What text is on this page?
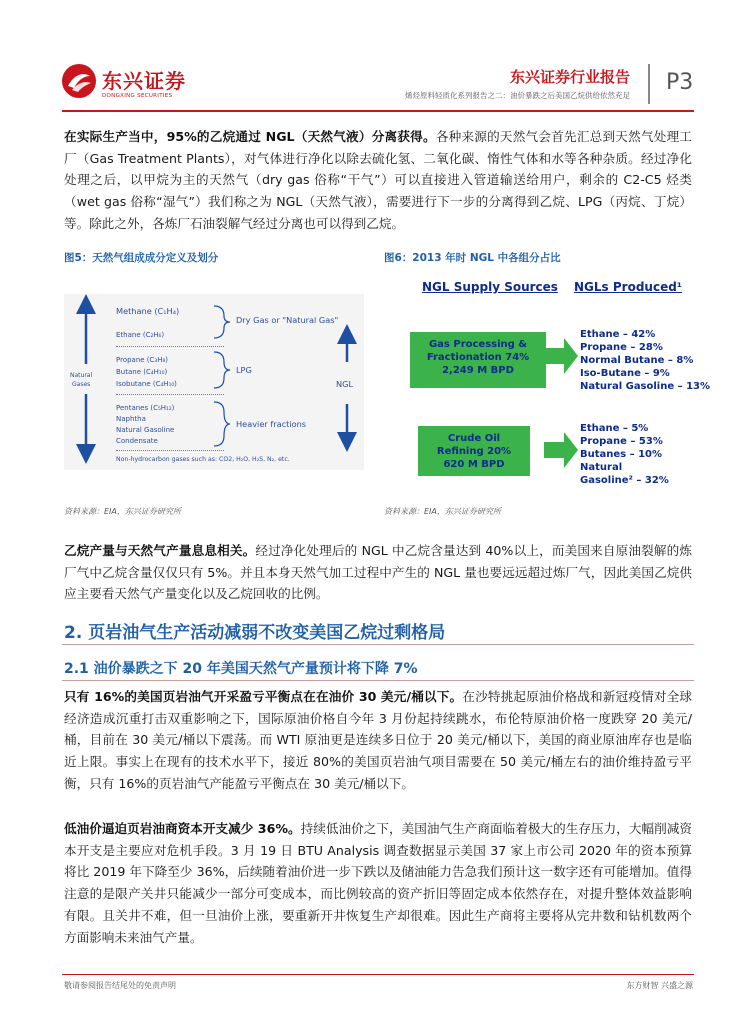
东兴证券
DONGXING SECURITIES
东兴证券行业报告
烯烃原料轻质化系列报告之二：油价暴跌之后美国乙烷供给依然充足
P3

在实际生产当中，95%的乙烷通过 NGL（天然气液）分离获得。各种来源的天然气会首先汇总到天然气处理工厂（Gas Treatment Plants），对气体进行净化以除去硫化氢、二氧化碳、惰性气体和水等各种杂质。经过净化处理之后，以甲烷为主的天然气（dry gas 俗称“干气”）可以直接进入管道输送给用户，剩余的 C2-C5 烃类（wet gas 俗称“湿气”）我们称之为 NGL（天然气液），需要进行下一步的分离得到乙烷、LPG（丙烷、丁烷）等。除此之外，各炼厂石油裂解气经过分离也可以得到乙烷。

图5：天然气组成成分定义及划分	图6：2013 年时 NGL 中各组分占比
Methane (C₁H₄)
Ethane (C₂H₆)
Propane (C₃H₈)
Butane (C₄H₁₀)
Isobutane (C₄H₁₀)
Pentanes (C₅H₁₂)
Naphtha
Natural Gasoline
Condensate
Non-hydrocarbon gases such as: CO2, H₂O, H₂S, N₂, etc.
Natural
Gases
Dry Gas or "Natural Gas"
LPG
Heavier fractions
NGL
资料来源：EIA，东兴证券研究所
NGL Supply Sources NGLs Produced¹
Gas Processing &
Fractionation 74%
2,249 M BPD
Ethane – 42%
Propane – 28%
Normal Butane – 8%
Iso-Butane – 9%
Natural Gasoline – 13%
Crude Oil
Refining 20%
620 M BPD
Ethane – 5%
Propane – 53%
Butanes – 10%
Natural
Gasoline² – 32%
资料来源：EIA，东兴证券研究所

乙烷产量与天然气产量息息相关。经过净化处理后的 NGL 中乙烷含量达到 40%以上，而美国来自原油裂解的炼厂气中乙烷含量仅仅只有 5%。并且本身天然气加工过程中产生的 NGL 量也要远远超过炼厂气，因此美国乙烷供应主要看天然气产量变化以及乙烷回收的比例。

2. 页岩油气生产活动减弱不改变美国乙烷过剩格局
2.1 油价暴跌之下 20 年美国天然气产量预计将下降 7%

只有 16%的美国页岩油气开采盈亏平衡点在在油价 30 美元/桶以下。在沙特挑起原油价格战和新冠疫情对全球经济造成沉重打击双重影响之下，国际原油价格自今年 3 月份起持续跳水，布伦特原油价格一度跌穿 20 美元/桶，目前在 30 美元/桶以下震荡。而 WTI 原油更是连续多日位于 20 美元/桶以下，美国的商业原油库存也是临近上限。事实上在现有的技术水平下，接近 80%的美国页岩油气项目需要在 50 美元/桶左右的油价维持盈亏平衡，只有 16%的页岩油气产能盈亏平衡点在 30 美元/桶以下。

低油价逼迫页岩油商资本开支减少 36%。持续低油价之下，美国油气生产商面临着极大的生存压力，大幅削减资本开支是主要应对危机手段。3 月 19 日 BTU Analysis 调查数据显示美国 37 家上市公司 2020 年的资本预算将比 2019 年下降至少 36%，后续随着油价进一步下跌以及储油能力告急我们预计这一数字还有可能增加。值得注意的是限产关井只能减少一部分可变成本，而比例较高的资产折旧等固定成本依然存在，对提升整体效益影响有限。且关井不难，但一旦油价上涨，要重新开井恢复生产却很难。因此生产商将主要将从完井数和钻机数两个方面影响未来油气产量。

敬请参阅报告结尾处的免责声明	东方财智 兴盛之源
